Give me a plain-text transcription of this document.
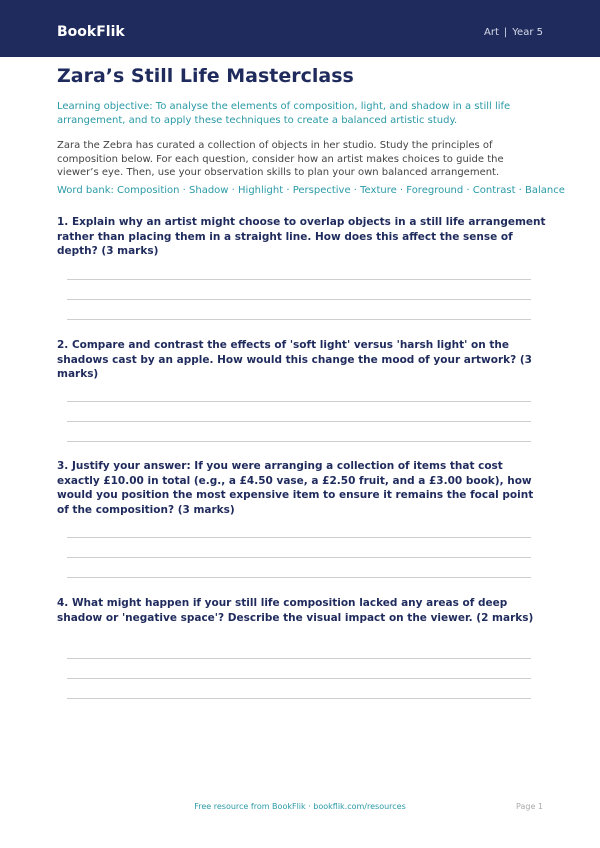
BookFlik	Art | Year 5
Zara’s Still Life Masterclass
Learning objective: To analyse the elements of composition, light, and shadow in a still life arrangement, and to apply these techniques to create a balanced artistic study.
Zara the Zebra has curated a collection of objects in her studio. Study the principles of composition below. For each question, consider how an artist makes choices to guide the viewer’s eye. Then, use your observation skills to plan your own balanced arrangement.
Word bank: Composition · Shadow · Highlight · Perspective · Texture · Foreground · Contrast · Balance
1. Explain why an artist might choose to overlap objects in a still life arrangement rather than placing them in a straight line. How does this affect the sense of depth? (3 marks)
2. Compare and contrast the effects of 'soft light' versus 'harsh light' on the shadows cast by an apple. How would this change the mood of your artwork? (3 marks)
3. Justify your answer: If you were arranging a collection of items that cost exactly £10.00 in total (e.g., a £4.50 vase, a £2.50 fruit, and a £3.00 book), how would you position the most expensive item to ensure it remains the focal point of the composition? (3 marks)
4. What might happen if your still life composition lacked any areas of deep shadow or 'negative space'? Describe the visual impact on the viewer. (2 marks)
Free resource from BookFlik · bookflik.com/resources	Page 1
